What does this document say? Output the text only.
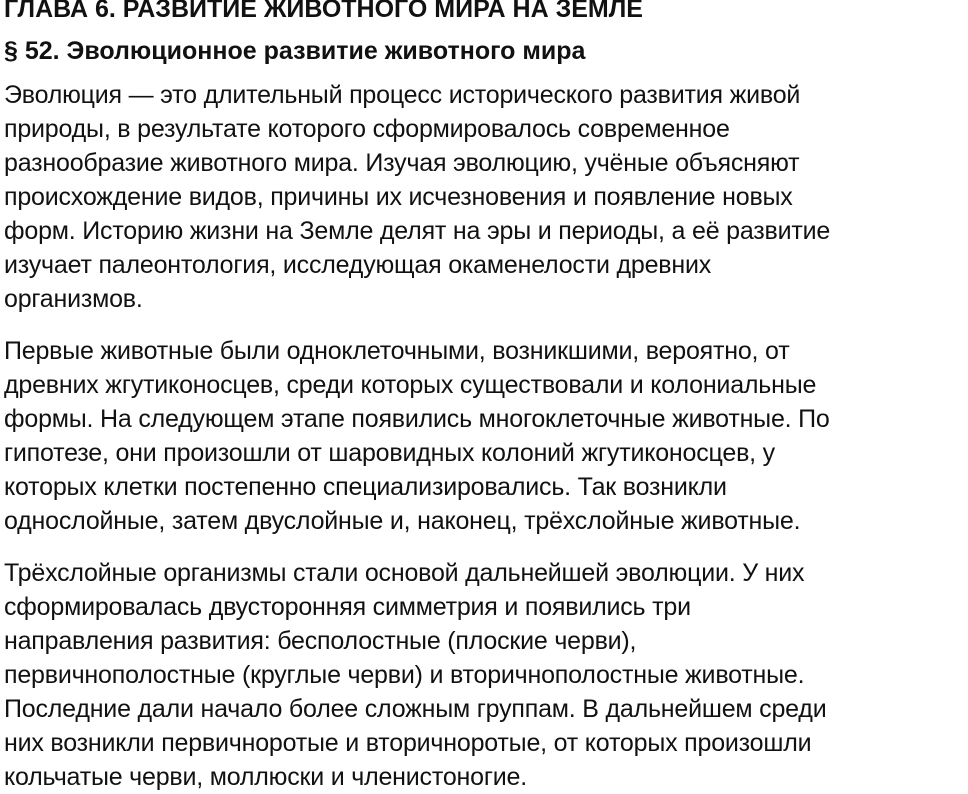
ГЛАВА 6. РАЗВИТИЕ ЖИВОТНОГО МИРА НА ЗЕМЛЕ
§ 52. Эволюционное развитие животного мира

Эволюция — это длительный процесс исторического развития живой
природы, в результате которого сформировалось современное
разнообразие животного мира. Изучая эволюцию, учёные объясняют
происхождение видов, причины их исчезновения и появление новых
форм. Историю жизни на Земле делят на эры и периоды, а её развитие
изучает палеонтология, исследующая окаменелости древних
организмов.

Первые животные были одноклеточными, возникшими, вероятно, от
древних жгутиконосцев, среди которых существовали и колониальные
формы. На следующем этапе появились многоклеточные животные. По
гипотезе, они произошли от шаровидных колоний жгутиконосцев, у
которых клетки постепенно специализировались. Так возникли
однослойные, затем двуслойные и, наконец, трёхслойные животные.

Трёхслойные организмы стали основой дальнейшей эволюции. У них
сформировалась двусторонняя симметрия и появились три
направления развития: бесполостные (плоские черви),
первичнополостные (круглые черви) и вторичнополостные животные.
Последние дали начало более сложным группам. В дальнейшем среди
них возникли первичноротые и вторичноротые, от которых произошли
кольчатые черви, моллюски и членистоногие.
